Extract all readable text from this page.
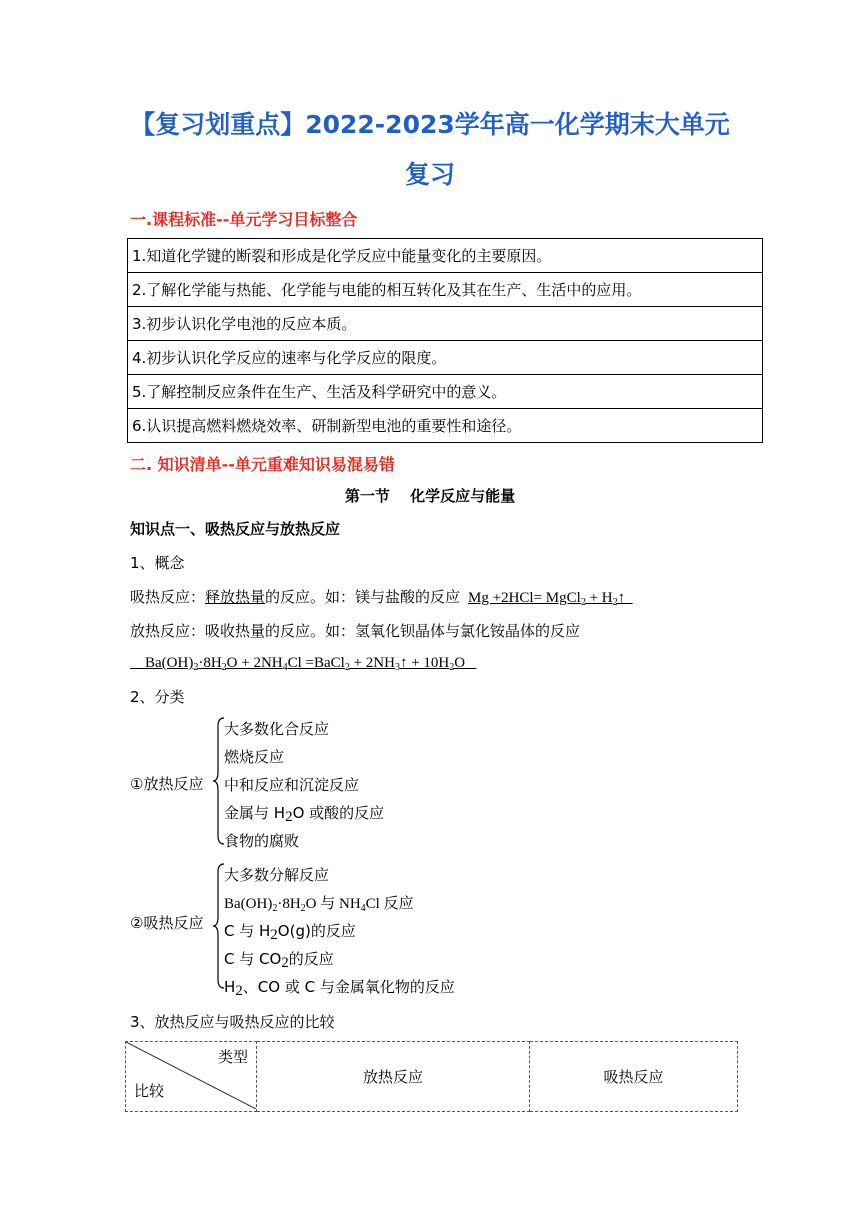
【复习划重点】2022-2023学年高一化学期末大单元
复习
一.课程标准--单元学习目标整合
1.知道化学键的断裂和形成是化学反应中能量变化的主要原因。
2.了解化学能与热能、化学能与电能的相互转化及其在生产、生活中的应用。
3.初步认识化学电池的反应本质。
4.初步认识化学反应的速率与化学反应的限度。
5.了解控制反应条件在生产、生活及科学研究中的意义。
6.认识提高燃料燃烧效率、研制新型电池的重要性和途径。
二. 知识清单--单元重难知识易混易错
第一节　 化学反应与能量
知识点一、吸热反应与放热反应
1、概念
吸热反应：释放热量的反应。如：镁与盐酸的反应 Mg +2HCl= MgCl$_2$ + $H_2↑$
放热反应：吸收热量的反应。如：氢氧化钡晶体与氯化铵晶体的反应
$Ba(OH)_2\cdot 8H_2O + 2NH_4Cl$ =BaCl$_2$ + $2NH_3↑ + 10H_2O$
2、分类
①放热反应
大多数化合反应
燃烧反应
中和反应和沉淀反应
金属与 $H_2O$ 或酸的反应
食物的腐败
②吸热反应
大多数分解反应
$Ba(OH)_2\cdot 8H_2O$ 与 $NH_4Cl$ 反应
C 与 $H_2O(g)$的反应
C 与 $CO_2$的反应
$H_2$、CO 或 C 与金属氧化物的反应
3、放热反应与吸热反应的比较
类型
比较
	放热反应	吸热反应
